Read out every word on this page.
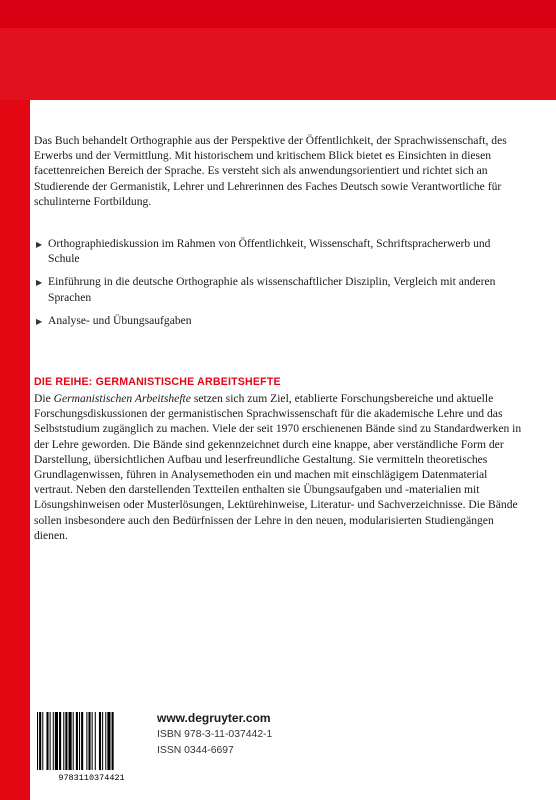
Das Buch behandelt Orthographie aus der Perspektive der Öffentlichkeit, der Sprachwissenschaft, des Erwerbs und der Vermittlung. Mit historischem und kritischem Blick bietet es Einsichten in diesen facettenreichen Bereich der Sprache. Es versteht sich als anwendungsorientiert und richtet sich an Studierende der Germanistik, Lehrer und Lehrerinnen des Faches Deutsch sowie Verantwortliche für schulinterne Fortbildung.

▶ Orthographiediskussion im Rahmen von Öffentlichkeit, Wissenschaft, Schriftspracherwerb und Schule
▶ Einführung in die deutsche Orthographie als wissenschaftlicher Disziplin, Vergleich mit anderen Sprachen
▶ Analyse- und Übungsaufgaben
DIE REIHE: GERMANISTISCHE ARBEITSHEFTE

Die Germanistischen Arbeitshefte setzen sich zum Ziel, etablierte Forschungsbereiche und aktuelle Forschungsdiskussionen der germanistischen Sprachwissenschaft für die akademische Lehre und das Selbststudium zugänglich zu machen. Viele der seit 1970 erschienenen Bände sind zu Standardwerken in der Lehre geworden. Die Bände sind gekennzeichnet durch eine knappe, aber verständliche Form der Darstellung, übersichtlichen Aufbau und leserfreundliche Gestaltung. Sie vermitteln theoretisches Grundlagenwissen, führen in Analysemethoden ein und machen mit einschlägigem Datenmaterial vertraut. Neben den darstellenden Textteilen enthalten sie Übungsaufgaben und -materialien mit Lösungshinweisen oder Musterlösungen, Lektürehinweise, Literatur- und Sachverzeichnisse. Die Bände sollen insbesondere auch den Bedürfnissen der Lehre in den neuen, modularisierten Studiengängen dienen.

9783110374421
www.degruyter.com
ISBN 978-3-11-037442-1
ISSN 0344-6697
